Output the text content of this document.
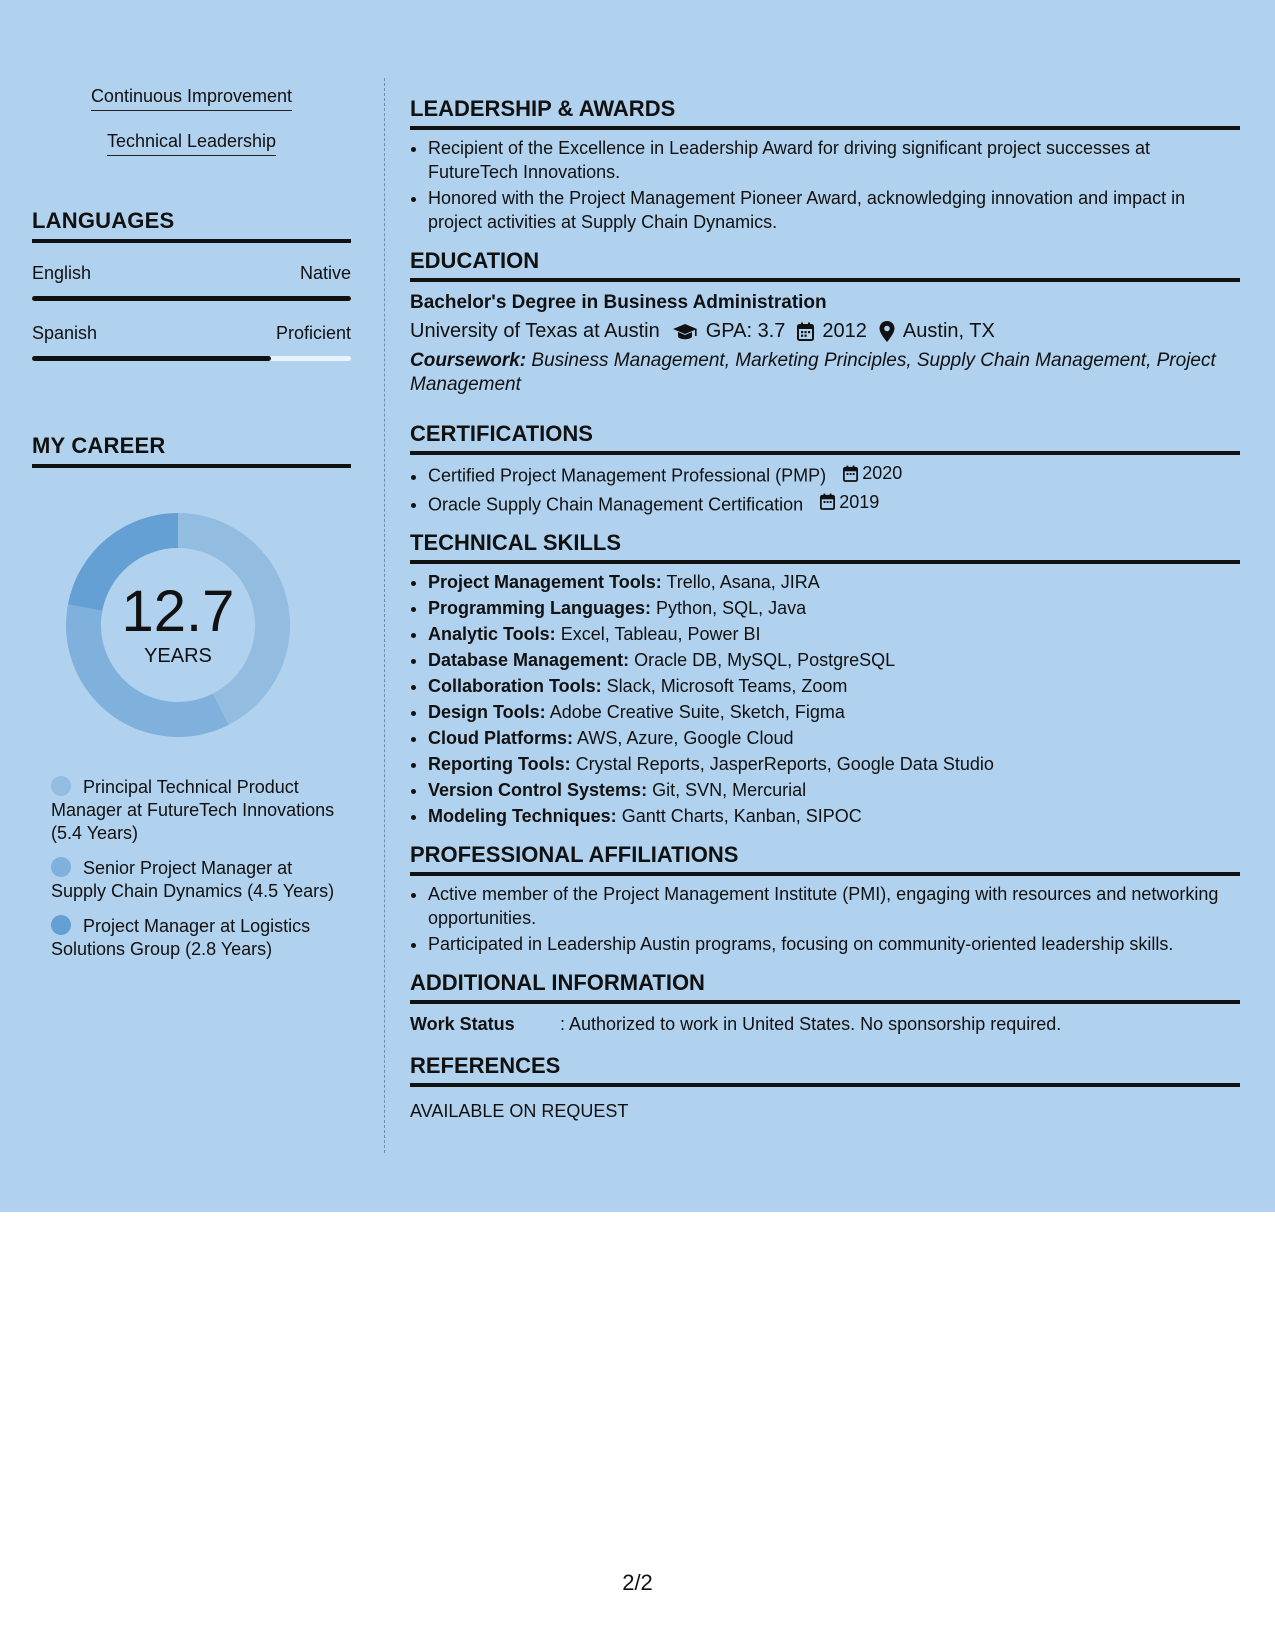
Continuous Improvement
Technical Leadership
LANGUAGES
English	Native
Spanish	Proficient
MY CAREER
12.7
YEARS
Principal Technical Product Manager at FutureTech Innovations (5.4 Years)
Senior Project Manager at Supply Chain Dynamics (4.5 Years)
Project Manager at Logistics Solutions Group (2.8 Years)
LEADERSHIP & AWARDS
• Recipient of the Excellence in Leadership Award for driving significant project successes at FutureTech Innovations.
• Honored with the Project Management Pioneer Award, acknowledging innovation and impact in project activities at Supply Chain Dynamics.
EDUCATION
Bachelor's Degree in Business Administration
University of Texas at Austin GPA: 3.7 2012 Austin, TX
Coursework: Business Management, Marketing Principles, Supply Chain Management, Project Management
CERTIFICATIONS
• Certified Project Management Professional (PMP) 2020
• Oracle Supply Chain Management Certification 2019
TECHNICAL SKILLS
• Project Management Tools: Trello, Asana, JIRA
• Programming Languages: Python, SQL, Java
• Analytic Tools: Excel, Tableau, Power BI
• Database Management: Oracle DB, MySQL, PostgreSQL
• Collaboration Tools: Slack, Microsoft Teams, Zoom
• Design Tools: Adobe Creative Suite, Sketch, Figma
• Cloud Platforms: AWS, Azure, Google Cloud
• Reporting Tools: Crystal Reports, JasperReports, Google Data Studio
• Version Control Systems: Git, SVN, Mercurial
• Modeling Techniques: Gantt Charts, Kanban, SIPOC
PROFESSIONAL AFFILIATIONS
• Active member of the Project Management Institute (PMI), engaging with resources and networking opportunities.
• Participated in Leadership Austin programs, focusing on community-oriented leadership skills.
ADDITIONAL INFORMATION
Work Status	: Authorized to work in United States. No sponsorship required.
REFERENCES
AVAILABLE ON REQUEST
2/2
